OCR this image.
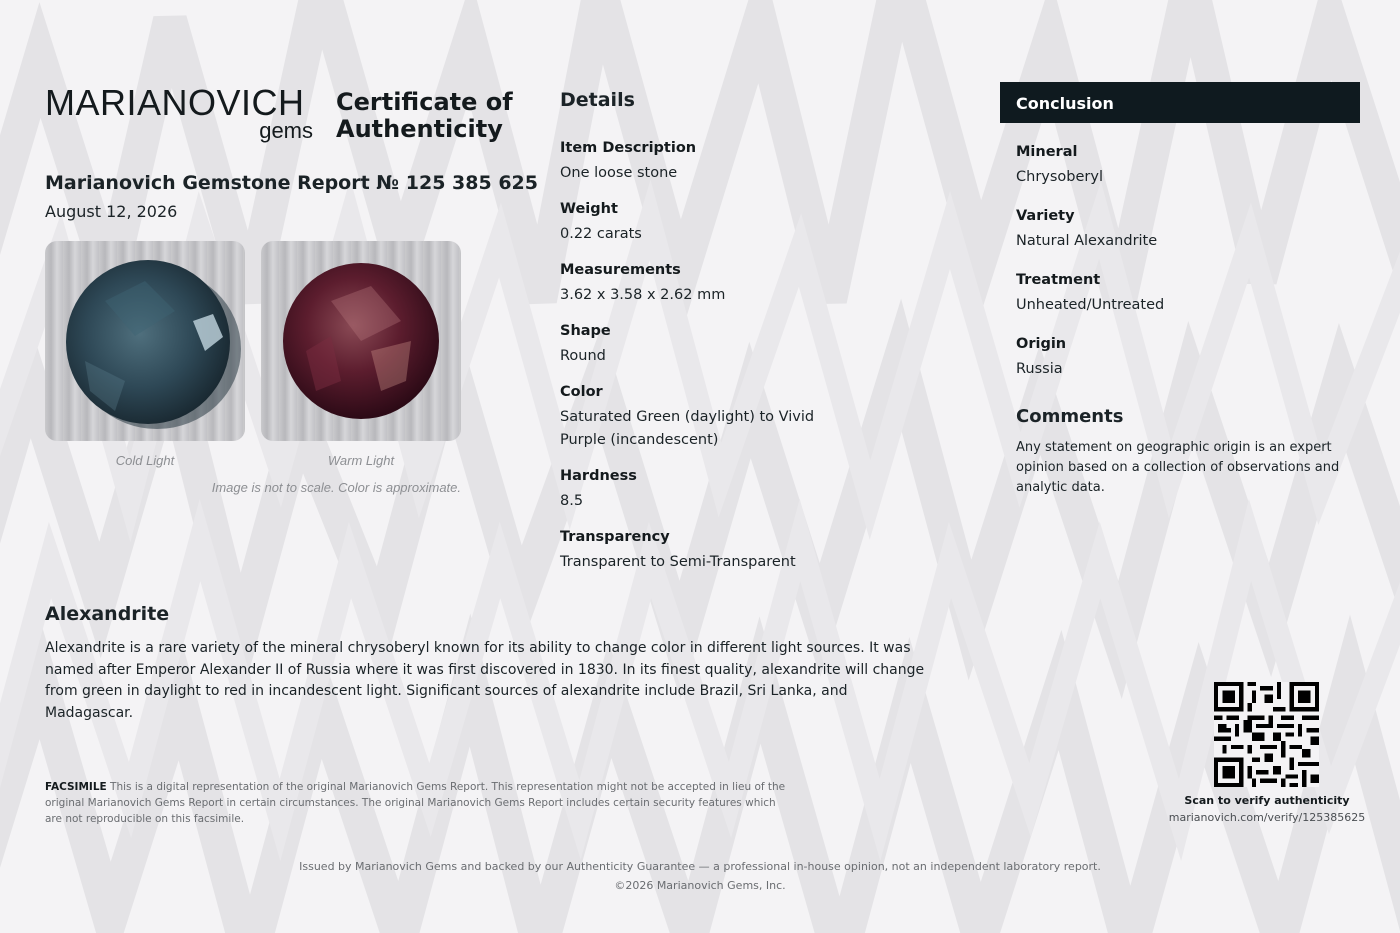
MARIANOVICH
gems
Certificate of Authenticity
Marianovich Gemstone Report № 125 385 625
August 12, 2026
Cold Light	Warm Light
Image is not to scale. Color is approximate.
Details
Item Description
One loose stone
Weight
0.22 carats
Measurements
3.62 x 3.58 x 2.62 mm
Shape
Round
Color
Saturated Green (daylight) to Vivid Purple (incandescent)
Hardness
8.5
Transparency
Transparent to Semi-Transparent
Conclusion
Mineral
Chrysoberyl
Variety
Natural Alexandrite
Treatment
Unheated/Untreated
Origin
Russia
Comments
Any statement on geographic origin is an expert opinion based on a collection of observations and analytic data.
Alexandrite
Alexandrite is a rare variety of the mineral chrysoberyl known for its ability to change color in different light sources. It was named after Emperor Alexander II of Russia where it was first discovered in 1830. In its finest quality, alexandrite will change from green in daylight to red in incandescent light. Significant sources of alexandrite include Brazil, Sri Lanka, and Madagascar.
FACSIMILE This is a digital representation of the original Marianovich Gems Report. This representation might not be accepted in lieu of the original Marianovich Gems Report in certain circumstances. The original Marianovich Gems Report includes certain security features which are not reproducible on this facsimile.
Scan to verify authenticity
marianovich.com/verify/125385625
Issued by Marianovich Gems and backed by our Authenticity Guarantee — a professional in-house opinion, not an independent laboratory report.
©2026 Marianovich Gems, Inc.
